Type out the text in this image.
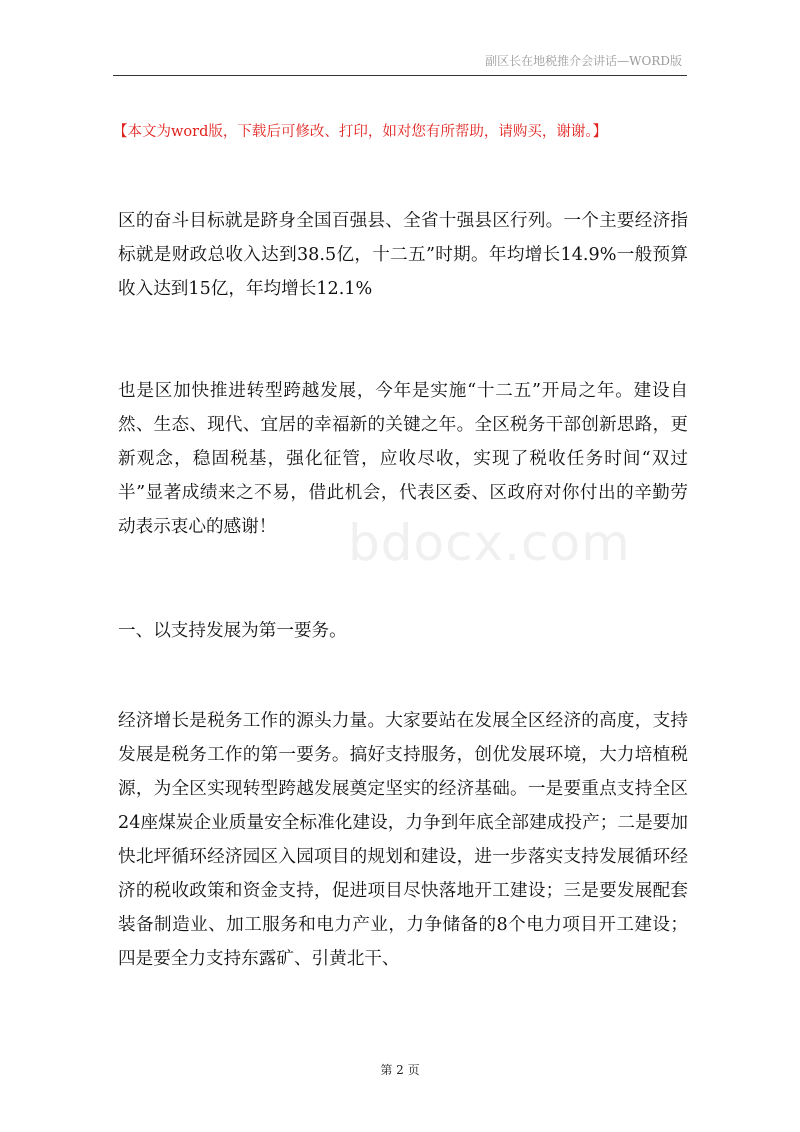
副区长在地税推介会讲话—WORD版
【本文为word版，下载后可修改、打印，如对您有所帮助，请购买，谢谢。】
bdocx.com

区的奋斗目标就是跻身全国百强县、全省十强县区行列。一个主要经济指标就是财政总收入达到38.5亿，十二五”时期。年均增长14.9%一般预算收入达到15亿，年均增长12.1%

也是区加快推进转型跨越发展，今年是实施“十二五”开局之年。建设自然、生态、现代、宜居的幸福新的关键之年。全区税务干部创新思路，更新观念，稳固税基，强化征管，应收尽收，实现了税收任务时间“双过半”显著成绩来之不易，借此机会，代表区委、区政府对你付出的辛勤劳动表示衷心的感谢！

一、以支持发展为第一要务。

经济增长是税务工作的源头力量。大家要站在发展全区经济的高度，支持发展是税务工作的第一要务。搞好支持服务，创优发展环境，大力培植税源，为全区实现转型跨越发展奠定坚实的经济基础。一是要重点支持全区24座煤炭企业质量安全标准化建设，力争到年底全部建成投产；二是要加快北坪循环经济园区入园项目的规划和建设，进一步落实支持发展循环经济的税收政策和资金支持，促进项目尽快落地开工建设；三是要发展配套装备制造业、加工服务和电力产业，力争储备的8个电力项目开工建设；四是要全力支持东露矿、引黄北干、

第 2 页
